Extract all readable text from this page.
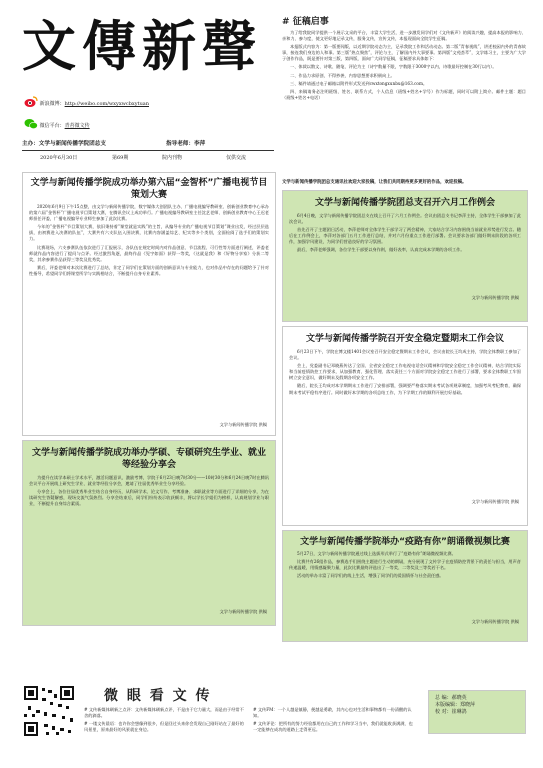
文傳新聲
新浪微博：http://weibo.com/wxyxwcbxytuan
微信平台：青苔微文传
主办：文学与新闻传播学院团总支	指导老师：李萍
2020年6月30日	第69期	院内刊物	仅供交流
# 征稿启事

为了给我院同学提供一个展示文采的平台，丰富大学生活，进一步激发同学们对《文传新声》的阅读兴趣，提高本报的影响力、亲和力、参与度，使文更好地记录文传，服务文传，宣传文传，本报现面向全院学生征稿。

本报版式内容为：第一版要闻版，以近期学院动态为主，记录我院工作和活动动态。第二版“青春视线”，讲述校园内外的青春故事，接连我们身边的人和事。第三版“热点聚焦”，评论与主，了解国内外大事要事。第四版“文苑荟萃”，文学练习主，主要为广大学子创作作品，既是要针对第三版，第四版，面向广大同学征稿，征稿要求具体如下：

一、体裁以散文、诗歌、随笔、评论为主（诗字数量不限，字数限于3000字以内，诗歌最好控制在30行以内）。

二、作品力求原创，不得抄袭，内容思想要求积极向上。

三、稿件请通过电子邮箱以附件形式发送到cwxtongxunbu@163.com。

四、来稿请务必注明班级、姓名、联系方式，个人信息（班级+姓名+学号）作为标题，同时可以附上简介。邮件主题：题目（班级+姓名+电话）

文学与新闻传播学院团总支通讯社欢迎大家投稿，让我们共同期待更多更好的作品，欢迎投稿。
文学与新闻传播学院成功举办第六届“金智杯”广播电视节目策划大赛

2020年6月9日下午15点整，由文学与新闻传播学院，数字媒体大创团队主办、广播电视编导教研室、创新创业教育中心承办的第六届“金智杯”广播电视节目策划大赛，在腾讯会议上成功举行。广播电视编导教研室主任沈艺老师、创新创业教育中心王迟老师担任评委，广播电视编导专业师生参加了此次比赛。

今年的“金智杯”节目策划大赛，依旧秉持着“课堂就是实践”的主旨，从编导专业的广播电视节目策划“课业出发，经过层层选拔，由初赛进入决赛的队伍”，大赛共有六支队伍入围决赛，比赛内容涵盖综艺、纪实等多个类别，全面检阅了选手们的策划实力。

比赛现场，六支参赛队伍依次进行了汇报展示，各队伍在规定时间内对作品创意、节目流程、可行性等方面进行阐述，评委老师就作品内容进行了提问与点评。经过激烈角逐，最终作品《见字如面》获得一等奖，《这就是我》和《好物分享家》分获二等奖，其余参赛作品获得三等奖及优秀奖。

赛后，评委老师对本次比赛进行了总结，肯定了同学们在策划方面的创新意识与专业能力，也对作品中存在的问题给予了针对性指导，希望同学们将课堂所学与实践相结合，不断提升自身专业素养。

文学与新闻传播学院 供稿
文学与新闻传播学院团总支召开六月工作例会

6月4日晚，文学与新闻传播学院团总支在线上召开了六月工作例会。会议由团总支书记李萍主持，全体学生干部参加了此次会议。

首先召开了主题团日活动，李萍老师对全体学生干部学习了两会精神，大家结合学习内容围绕当前就业形势进行发言。随后在工作例会上，李萍对各部门五月工作进行总结，并对六月份重点工作进行部署。会议要求各部门做好期末阶段的各项工作，加强学风建设，为同学们营造良好的学习氛围。

最后，李萍老师强调，各位学生干部要以身作则，做好表率，认真完成本学期的各项工作。

文学与新闻传播学院 供稿
文学与新闻传播学院召开安全稳定暨期末工作会议

6月23日下午，学院在博文楼1401会议室召开安全稳定暨期末工作会议，会议由院长王均成主持，学院全体教职工参加了会议。

会上，党委副书记邓晓燕传达了全国、全省安全稳定工作电视电话会议精神和学院安全稳定工作会议精神，结合学院实际和当前疫情防控工作要求，从加强教育、强化管理、落实责任三个方面对学院安全稳定工作进行了部署，要求全体教职工牢固树立安全意识，做好期末及假期各项安全工作。

随后，院长王均成对本学期期末工作进行了安排部署，强调要严格落实期末考试各项规章制度，加强考风考纪教育，确保期末考试平稳有序进行。同时做好本学期的各项总结工作，为下学期工作的顺利开展打好基础。

文学与新闻传播学院 供稿
文学与新闻传播学院成功举办学硕、专硕研究生学业、就业等经验分享会

为提升在读学本硕士学术水平，激活问题意识，激励考博，学院于6月23日晚7时30分——10时30分和6月24日晚7时在腾讯会议平台开展线上研究生学业、就业等经验分享会，邀请了往届优秀毕业生分享经验。

分享会上，各位往届优秀毕业生结合自身经历，从科研学术、论文写作、考博准备、求职就业等方面进行了详细的分享，为在读研究生答疑解惑，现场交流气氛热烈。分享会结束后，同学们纷纷表示收获颇丰，将以学长学姐们为榜样，认真规划学业与职业，不断提升自身综合素质。

文学与新闻传播学院 供稿
文学与新闻传播学院举办“疫路有你”朗诵微视频比赛

5月27日，文学与新闻传播学院通过线上选拔形式举行了“疫路有你”朗诵微视频比赛。

比赛共有26组作品，参赛选手们围绕主题进行生动的朗诵，充分展现了文传学子在疫情防控背景下的责任与担当，用声音传递温暖，用情感凝聚力量，此次比赛最终评选出了一等奖、二等奖及三等奖若干名。

活动的举办丰富了同学们的线上生活，增强了同学们的爱国情怀与社会责任感。

文学与新闻传播学院 供稿
微 眼 看 文 传
# 文传新媒体刷新之点评：文传新媒体刷新点评，不是由于它力量大，而是由于经常不舍的滴落。
# 文传FM：一个人越是镇静，便越是勇敢，其内心也对生活和事物都有一份清醒的认知。
# 一缕文传晨语：也许你会想像到很多，但是回过头来你会发现自己刚好站在了最好的风景里，原来最好的风景就在身边。
# 文传评论：把所有的努力经验都用在自己的工作和学习当中，我们就能收获满满，也一定能够在成功的道路上走得更远。
总 编：郝晓英
本版编辑：郑晓萍
校 对：崔琳鸽
